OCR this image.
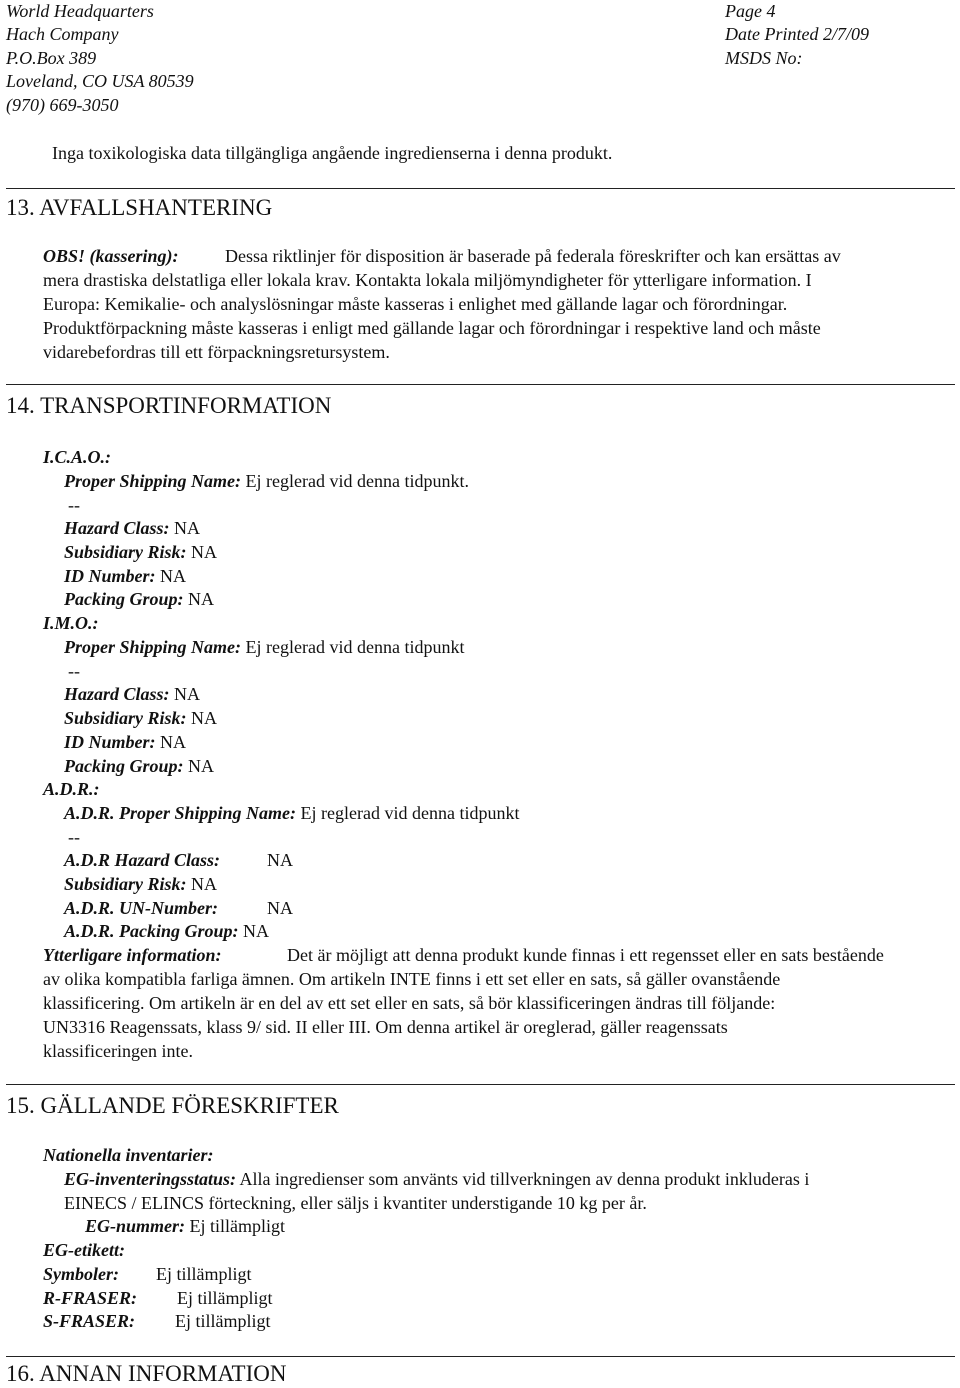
World Headquarters
Hach Company
P.O.Box 389
Loveland, CO USA 80539
(970) 669-3050
Page 4
Date Printed 2/7/09
MSDS No:
Inga toxikologiska data tillgängliga angående ingredienserna i denna produkt.
13. AVFALLSHANTERING
OBS! (kassering):	Dessa riktlinjer för disposition är baserade på federala föreskrifter och kan ersättas av
mera drastiska delstatliga eller lokala krav. Kontakta lokala miljömyndigheter för ytterligare information. I
Europa: Kemikalie- och analyslösningar måste kasseras i enlighet med gällande lagar och förordningar.
Produktförpackning måste kasseras i enligt med gällande lagar och förordningar i respektive land och måste
vidarebefordras till ett förpackningsretursystem.
14. TRANSPORTINFORMATION
I.C.A.O.:
Proper Shipping Name: Ej reglerad vid denna tidpunkt.
--
Hazard Class: NA
Subsidiary Risk: NA
ID Number: NA
Packing Group: NA
I.M.O.:
Proper Shipping Name: Ej reglerad vid denna tidpunkt
--
Hazard Class: NA
Subsidiary Risk: NA
ID Number: NA
Packing Group: NA
A.D.R.:
A.D.R. Proper Shipping Name: Ej reglerad vid denna tidpunkt
--
A.D.R Hazard Class:	NA
Subsidiary Risk: NA
A.D.R. UN-Number:	NA
A.D.R. Packing Group: NA
Ytterligare information:	Det är möjligt att denna produkt kunde finnas i ett regensset eller en sats bestående
av olika kompatibla farliga ämnen. Om artikeln INTE finns i ett set eller en sats, så gäller ovanstående
klassificering. Om artikeln är en del av ett set eller en sats, så bör klassificeringen ändras till följande:
UN3316 Reagenssats, klass 9/ sid. II eller III. Om denna artikel är oreglerad, gäller reagenssats
klassificeringen inte.
15. GÄLLANDE FÖRESKRIFTER
Nationella inventarier:
EG-inventeringsstatus: Alla ingredienser som använts vid tillverkningen av denna produkt inkluderas i
EINECS / ELINCS förteckning, eller säljs i kvantiter understigande 10 kg per år.
EG-nummer: Ej tillämpligt
EG-etikett:
Symboler: Ej tillämpligt
R-FRASER: Ej tillämpligt
S-FRASER: Ej tillämpligt
16. ANNAN INFORMATION
